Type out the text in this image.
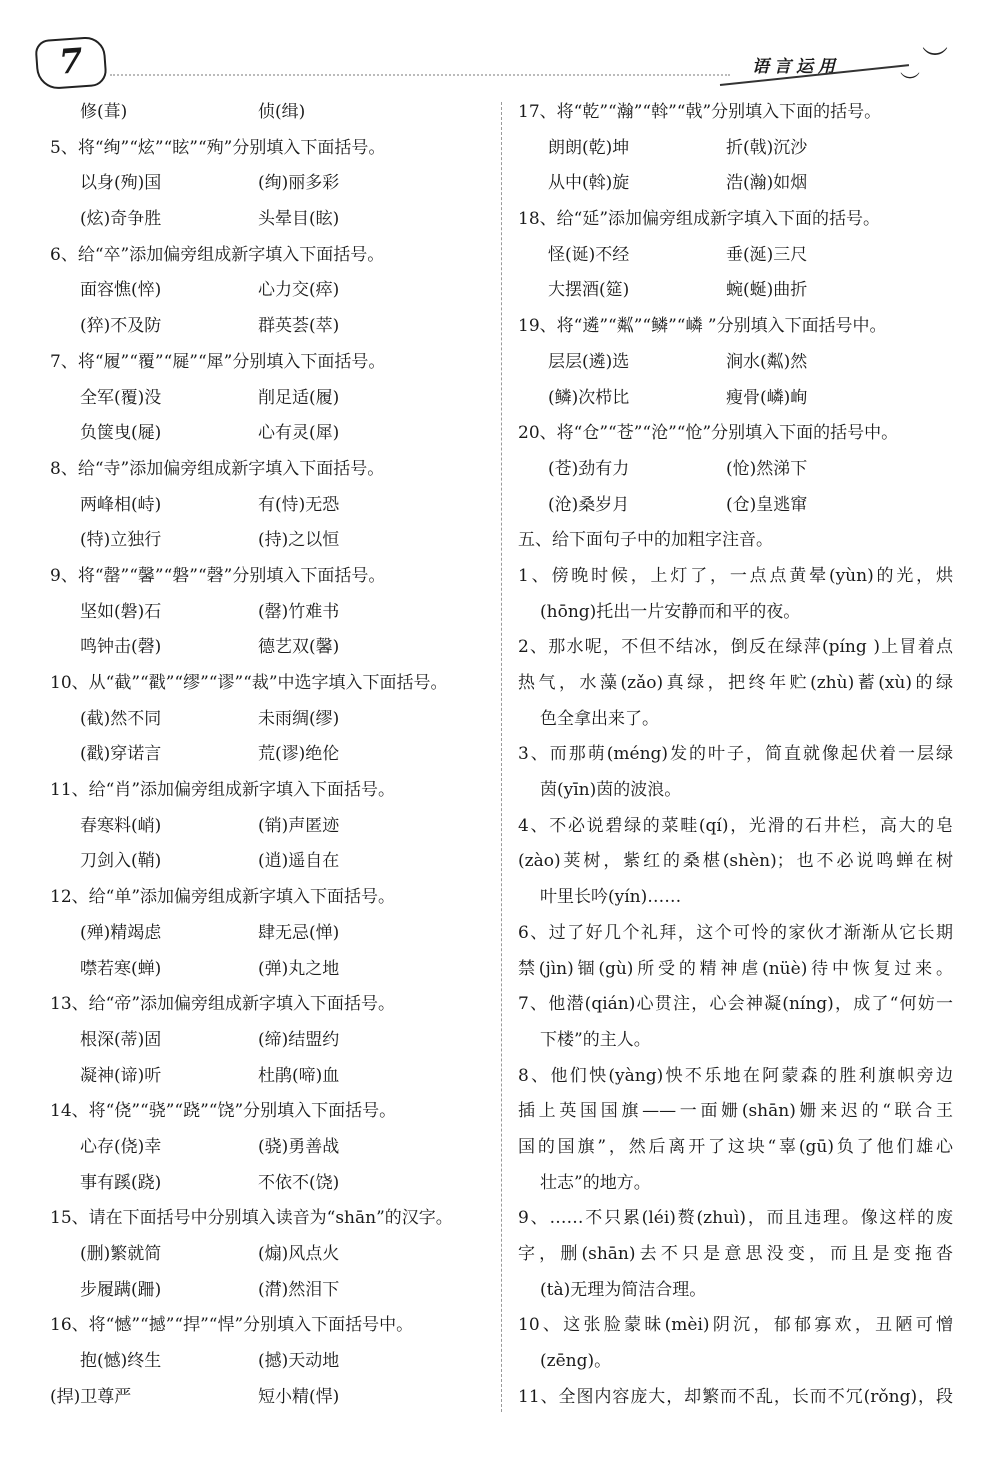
7	语言运用	︶
︶
修(葺)	侦(缉)
5、将“绚”“炫”“眩”“殉”分别填入下面括号。
以身(殉)国	(绚)丽多彩
(炫)奇争胜	头晕目(眩)
6、给“卒”添加偏旁组成新字填入下面括号。
面容憔(悴)	心力交(瘁)
(猝)不及防	群英荟(萃)
7、将“履”“覆”“屣”“犀”分别填入下面括号。
全军(覆)没	削足适(履)
负箧曳(屣)	心有灵(犀)
8、给“寺”添加偏旁组成新字填入下面括号。
两峰相(峙)	有(恃)无恐
(特)立独行	(持)之以恒
9、将“罄”“馨”“磐”“磬”分别填入下面括号。
坚如(磐)石	(罄)竹难书
鸣钟击(磬)	德艺双(馨)
10、从“截”“戳”“缪”“谬”“裁”中选字填入下面括号。
(截)然不同	未雨绸(缪)
(戳)穿诺言	荒(谬)绝伦
11、给“肖”添加偏旁组成新字填入下面括号。
春寒料(峭)	(销)声匿迹
刀剑入(鞘)	(逍)遥自在
12、给“单”添加偏旁组成新字填入下面括号。
(殚)精竭虑	肆无忌(惮)
噤若寒(蝉)	(弹)丸之地
13、给“帝”添加偏旁组成新字填入下面括号。
根深(蒂)固	(缔)结盟约
凝神(谛)听	杜鹃(啼)血
14、将“侥”“骁”“跷”“饶”分别填入下面括号。
心存(侥)幸	(骁)勇善战
事有蹊(跷)	不依不(饶)
15、请在下面括号中分别填入读音为“shān”的汉字。
(删)繁就简	(煽)风点火
步履蹒(跚)	(潸)然泪下
16、将“憾”“撼”“捍”“悍”分别填入下面括号中。
抱(憾)终生	(撼)天动地
(捍)卫尊严	短小精(悍)
17、将“乾”“瀚”“斡”“戟”分别填入下面的括号。
朗朗(乾)坤	折(戟)沉沙
从中(斡)旋	浩(瀚)如烟
18、给“延”添加偏旁组成新字填入下面的括号。
怪(诞)不经	垂(涎)三尺
大摆酒(筵)	蜿(蜒)曲折
19、将“遴”“粼”“鳞”“嶙 ”分别填入下面括号中。
层层(遴)选	涧水(粼)然
(鳞)次栉比	瘦骨(嶙)峋
20、将“仓”“苍”“沧”“怆”分别填入下面的括号中。
(苍)劲有力	(怆)然涕下
(沧)桑岁月	(仓)皇逃窜
五、给下面句子中的加粗字注音。
1、傍晚时候，上灯了，一点点黄晕(yùn)的光，烘
(hōng)托出一片安静而和平的夜。
2、那水呢，不但不结冰，倒反在绿萍(píng )上冒着点
热气，水藻(zǎo)真绿，把终年贮(zhù)蓄(xù)的绿
色全拿出来了。
3、而那萌(méng)发的叶子，简直就像起伏着一层绿
茵(yīn)茵的波浪。
4、不必说碧绿的菜畦(qí)，光滑的石井栏，高大的皂
(zào)荚树，紫红的桑椹(shèn)；也不必说鸣蝉在树
叶里长吟(yín)……
6、过了好几个礼拜，这个可怜的家伙才渐渐从它长期
禁(jìn)锢(gù)所受的精神虐(nüè)待中恢复过来。
7、他潜(qián)心贯注，心会神凝(níng)，成了“何妨一
下楼”的主人。
8、他们怏(yàng)怏不乐地在阿蒙森的胜利旗帜旁边
插上英国国旗——一面姗(shān)姗来迟的“联合王
国的国旗”，然后离开了这块“辜(gū)负了他们雄心
壮志”的地方。
9、……不只累(léi)赘(zhuì)，而且违理。像这样的废
字，删(shān)去不只是意思没变，而且是变拖沓
(tà)无理为简洁合理。
10、这张脸蒙昧(mèi)阴沉，郁郁寡欢，丑陋可憎
(zēng)。
11、全图内容庞大，却繁而不乱，长而不冗(rǒng)，段
